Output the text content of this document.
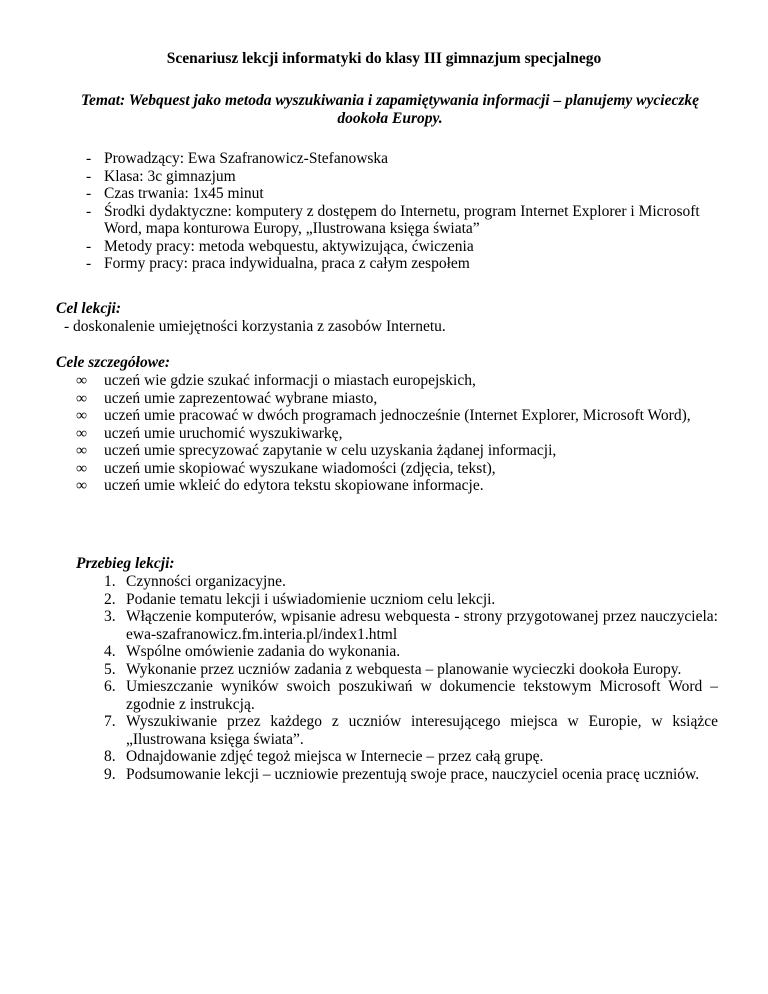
Scenariusz lekcji informatyki do klasy III gimnazjum specjalnego

Temat: Webquest jako metoda wyszukiwania i zapamiętywania informacji – planujemy wycieczkę dookoła Europy.

- Prowadzący: Ewa Szafranowicz-Stefanowska
- Klasa: 3c gimnazjum
- Czas trwania: 1x45 minut
- Środki dydaktyczne: komputery z dostępem do Internetu, program Internet Explorer i Microsoft Word, mapa konturowa Europy, „Ilustrowana księga świata”
- Metody pracy: metoda webquestu, aktywizująca, ćwiczenia
- Formy pracy: praca indywidualna, praca z całym zespołem

Cel lekcji:

- doskonalenie umiejętności korzystania z zasobów Internetu.

Cele szczegółowe:

∞ uczeń wie gdzie szukać informacji o miastach europejskich,
∞ uczeń umie zaprezentować wybrane miasto,
∞ uczeń umie pracować w dwóch programach jednocześnie (Internet Explorer, Microsoft Word),
∞ uczeń umie uruchomić wyszukiwarkę,
∞ uczeń umie sprecyzować zapytanie w celu uzyskania żądanej informacji,
∞ uczeń umie skopiować wyszukane wiadomości (zdjęcia, tekst),
∞ uczeń umie wkleić do edytora tekstu skopiowane informacje.

Przebieg lekcji:

1. Czynności organizacyjne.
2. Podanie tematu lekcji i uświadomienie uczniom celu lekcji.
3. Włączenie komputerów, wpisanie adresu webquesta - strony przygotowanej przez nauczyciela: ewa-szafranowicz.fm.interia.pl/index1.html
4. Wspólne omówienie zadania do wykonania.
5. Wykonanie przez uczniów zadania z webquesta – planowanie wycieczki dookoła Europy.
6. Umieszczanie wyników swoich poszukiwań w dokumencie tekstowym Microsoft Word – zgodnie z instrukcją.
7. Wyszukiwanie przez każdego z uczniów interesującego miejsca w Europie, w książce „Ilustrowana księga świata”.
8. Odnajdowanie zdjęć tegoż miejsca w Internecie – przez całą grupę.
9. Podsumowanie lekcji – uczniowie prezentują swoje prace, nauczyciel ocenia pracę uczniów.
